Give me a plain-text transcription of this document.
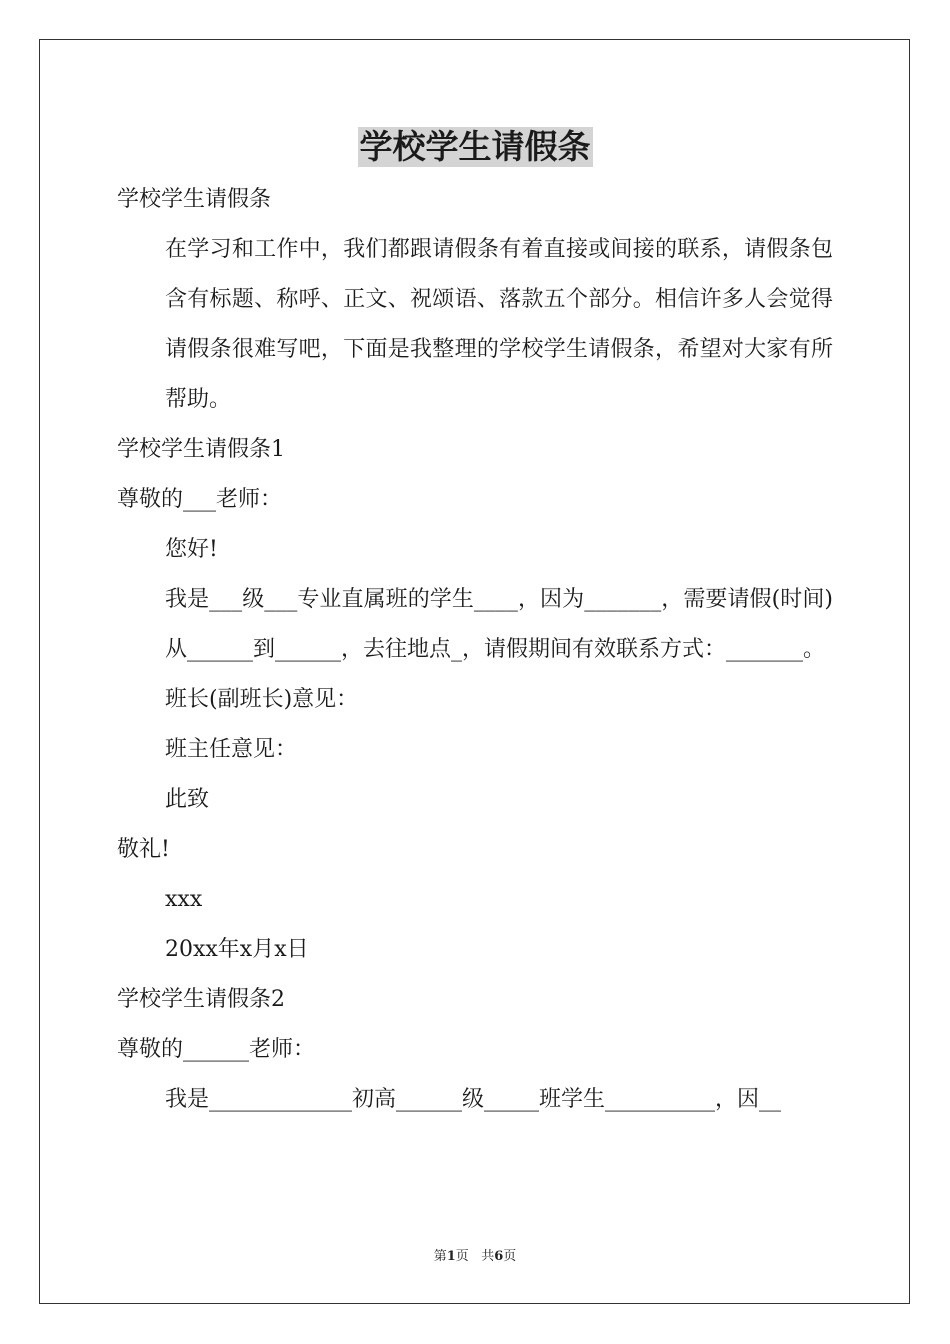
学校学生请假条

学校学生请假条

在学习和工作中，我们都跟请假条有着直接或间接的联系，请假条包含有标题、称呼、正文、祝颂语、落款五个部分。相信许多人会觉得请假条很难写吧，下面是我整理的学校学生请假条，希望对大家有所帮助。

学校学生请假条1

尊敬的___老师：

您好!

我是___级___专业直属班的学生____，因为_______，需要请假(时间)从______到______，去往地点_，请假期间有效联系方式：_______。

班长(副班长)意见：

班主任意见：

此致

敬礼!

xxx

20xx年x月x日

学校学生请假条2

尊敬的______老师：

我是_____________初高______级_____班学生__________，因__

第1页 共6页
